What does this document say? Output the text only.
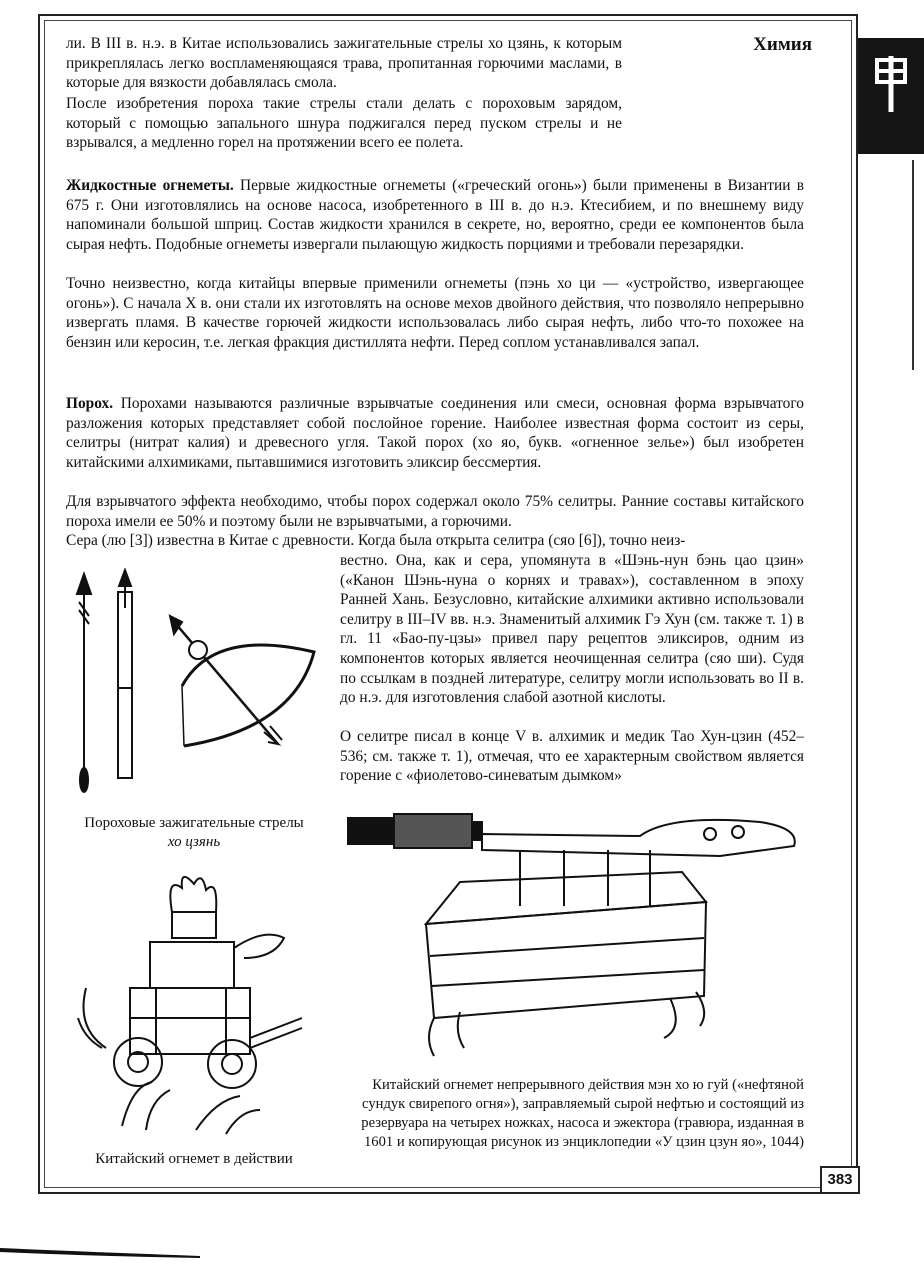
Химия

ли. В III в. н.э. в Китае использовались зажигательные стрелы хо цзянь, к которым прикреплялась легко воспламеняющаяся трава, пропитанная горючими маслами, в которые для вязкости добавлялась смола.

После изобретения пороха такие стрелы стали делать с пороховым зарядом, который с помощью запального шнура поджигался перед пуском стрелы и не взрывался, а медленно горел на протяжении всего ее полета.

Жидкостные огнеметы. Первые жидкостные огнеметы («греческий огонь») были применены в Византии в 675 г. Они изготовлялись на основе насоса, изобретенного в III в. до н.э. Ктесибием, и по внешнему виду напоминали большой шприц. Состав жидкости хранился в секрете, но, вероятно, среди ее компонентов была сырая нефть. Подобные огнеметы извергали пылающую жидкость порциями и требовали перезарядки.

Точно неизвестно, когда китайцы впервые применили огнеметы (пэнь хо ци — «устройство, извергающее огонь»). С начала X в. они стали их изготовлять на основе мехов двойного действия, что позволяло непрерывно извергать пламя. В качестве горючей жидкости использовалась либо сырая нефть, либо что-то похожее на бензин или керосин, т.е. легкая фракция дистиллята нефти. Перед соплом устанавливался запал.

Порох. Порохами называются различные взрывчатые соединения или смеси, основная форма взрывчатого разложения которых представляет собой послойное горение. Наиболее известная форма состоит из серы, селитры (нитрат калия) и древесного угля. Такой порох (хо яо, букв. «огненное зелье») был изобретен китайскими алхимиками, пытавшимися изготовить эликсир бессмертия.

Для взрывчатого эффекта необходимо, чтобы порох содержал около 75% селитры. Ранние составы китайского пороха имели ее 50% и поэтому были не взрывчатыми, а горючими.

Сера (лю [3]) известна в Китае с древности. Когда была открыта селитра (сяо [6]), точно неиз-

вестно. Она, как и сера, упомянута в «Шэнь-нун бэнь цао цзин» («Канон Шэнь-нуна о корнях и травах»), составленном в эпоху Ранней Хань. Безусловно, китайские алхимики активно использовали селитру в III–IV вв. н.э. Знаменитый алхимик Гэ Хун (см. также т. 1) в гл. 11 «Бао-пу-цзы» привел пару рецептов эликсиров, одним из компонентов которых является неочищенная селитра (сяо ши). Судя по ссылкам в поздней литературе, селитру могли использовать во II в. до н.э. для изготовления слабой азотной кислоты.

О селитре писал в конце V в. алхимик и медик Тао Хун-цзин (452–536; см. также т. 1), отмечая, что ее характерным свойством является горение с «фиолетово-синеватым дымком»

Пороховые зажигательные стрелы
хо цзянь
Китайский огнемет в действии
Китайский огнемет непрерывного действия мэн хо ю гуй («нефтяной сундук свирепого огня»), заправляемый сырой нефтью и состоящий из резервуара на четырех ножках, насоса и эжектора (гравюра, изданная в 1601 и копирующая рисунок из энциклопедии «У цзин цзун яо», 1044)
383
